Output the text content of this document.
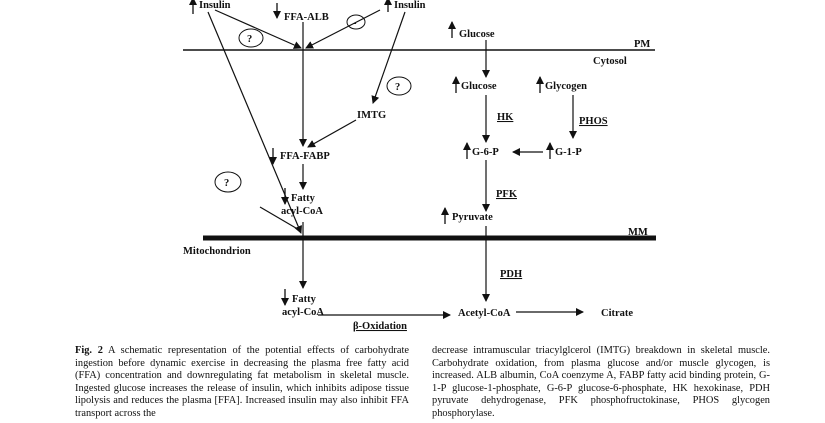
Insulin
FFA-ALB
-
Insulin
Glucose
PM
Cytosol
?
?
?
IMTG
Glucose	Glycogen
HK	PHOS
FFA-FABP	G-6-P	G-1-P
Fatty
acyl-CoA
PFK
Pyruvate
MM
Mitochondrion
PDH
Fatty
acyl-CoA	Acetyl-CoA	Citrate
β-Oxidation

Fig. 2 A schematic representation of the potential effects of carbohydrate ingestion before dynamic exercise in decreasing the plasma free fatty acid (FFA) concentration and downregulating fat metabolism in skeletal muscle. Ingested glucose increases the release of insulin, which inhibits adipose tissue lipolysis and reduces the plasma [FFA]. Increased insulin may also inhibit FFA transport across the

decrease intramuscular triacylglcerol (IMTG) breakdown in skeletal muscle. Carbohydrate oxidation, from plasma glucose and/or muscle glycogen, is increased. ALB albumin, CoA coenzyme A, FABP fatty acid binding protein, G-1-P glucose-1-phosphate, G-6-P glucose-6-phosphate, HK hexokinase, PDH pyruvate dehydrogenase, PFK phosphofructokinase, PHOS glycogen phosphorylase.
